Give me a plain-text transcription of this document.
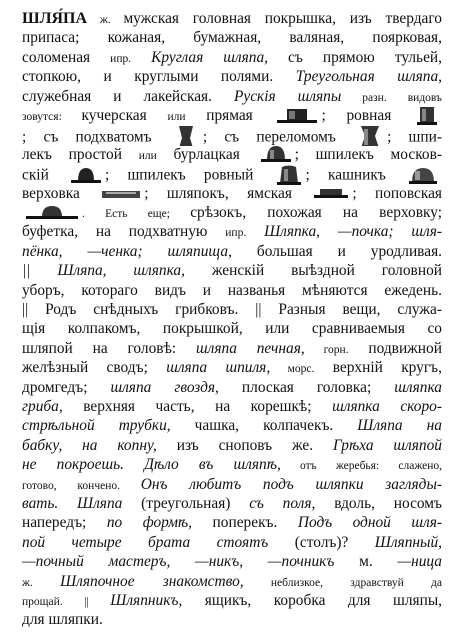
ШЛЯ́ПА ж. мужская головная покрышка, изъ твердаго
припаса; кожаная, бумажная, валяная, поярковая,
соломеная ипр. Круглая шляпа, съ прямою тульей,
стопкою, и круглыми полями. Треугольная шляпа,
служебная и лакейская. Рускія шляпы разн. видовъ
зовутся: кучерская или прямая	; ровная
; съ подхватомъ
; съ переломомъ
; шпи-
лекъ простой или бурлацкая
; шпилекъ москов-
скій
; шпилекъ ровный
; кашникъ
верховка	; шляпокъ, ямская	; поповская
. Есть еще; срѣзокъ, похожая на верховку;
буфетка, на подхватную ипр. Шляпка, —почка; шля-
пёнка, —ченка; шляпища, большая и уродливая.
|| Шляпа, шляпка, женскій выѣздной головной
уборъ, котораго видъ и названья мѣняются ежедень.
|| Родъ снѣдныхъ грибковъ. || Разныя вещи, служа-
щія колпакомъ, покрышкой, или сравниваемыя со
шляпой на головѣ: шляпа печная, горн. подвижной
желѣзный сводъ; шляпа шпиля, морс. верхній кругъ,
дромгедъ; шляпа гвоздя, плоская головка; шляпка
гриба, верхняя часть, на корешкѣ; шляпка скоро-
стрѣльной трубки, чашка, колпачекъ. Шляпа на
бабку, на копну, изъ сноповъ же. Грѣха шляпой
не покроешь. Дѣло въ шляпѣ, отъ жеребья: слажено,
готово, кончено. Онъ любитъ подъ шляпки загляды-
вать. Шляпа (треугольная) съ поля, вдоль, носомъ
напередъ; по формѣ, поперекъ. Подъ одной шля-
пой четыре брата стоятъ (столъ)? Шляпный,
—почный мастеръ, —никъ, —почникъ м. —ница
ж. Шляпочное знакомство, неблизкое, здравствуй да
прощай. || Шляпникъ, ящикъ, коробка для шляпы,
для шляпки.
